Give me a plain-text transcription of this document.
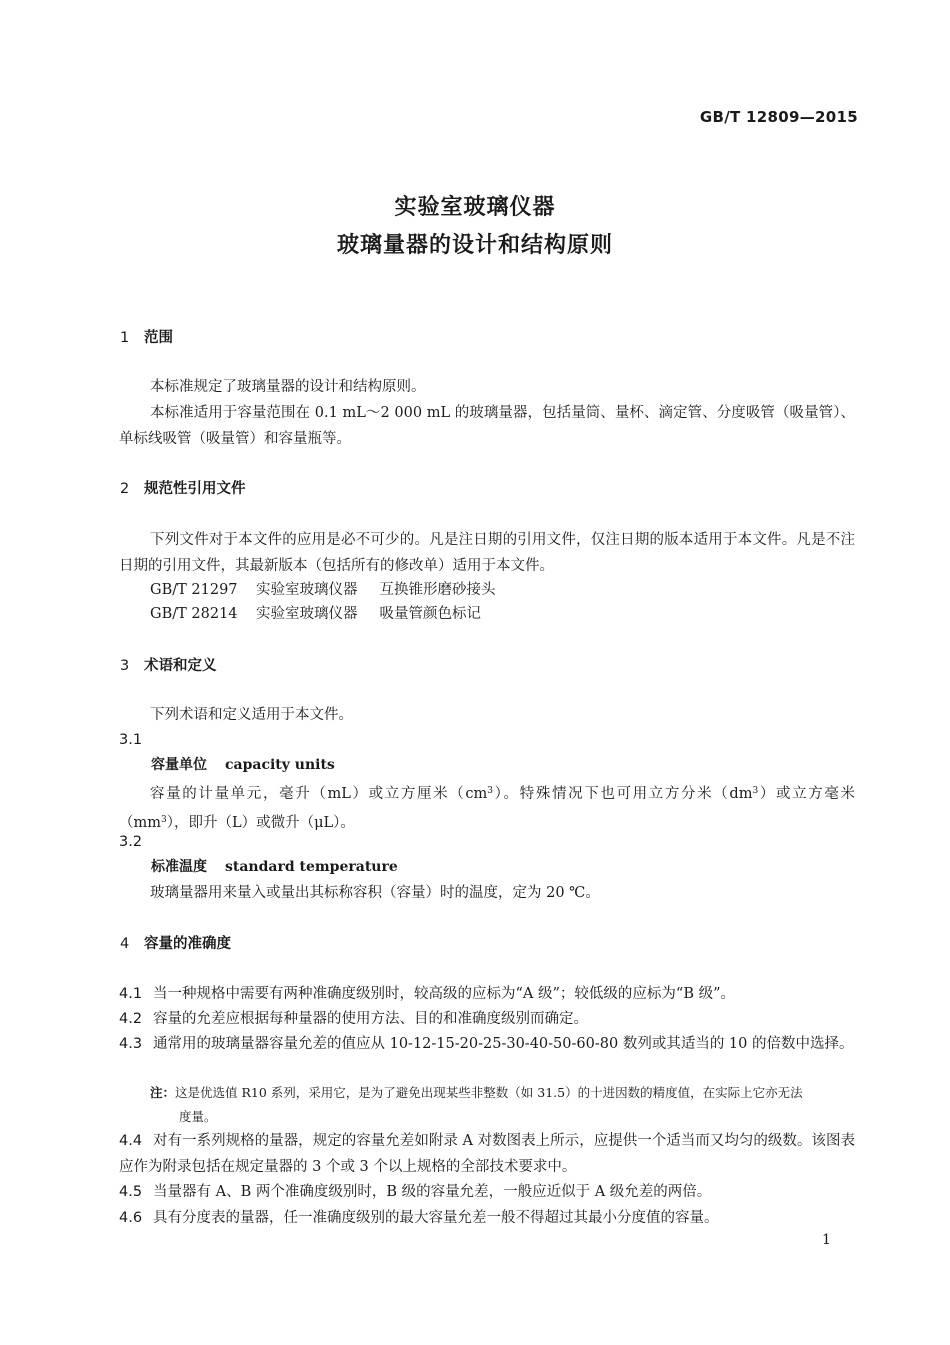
GB/T 12809—2015
实验室玻璃仪器
玻璃量器的设计和结构原则
1 范围
本标准规定了玻璃量器的设计和结构原则。
本标准适用于容量范围在 0.1 mL～2 000 mL 的玻璃量器，包括量筒、量杯、滴定管、分度吸管（吸量管）、单标线吸管（吸量管）和容量瓶等。
2 规范性引用文件
下列文件对于本文件的应用是必不可少的。凡是注日期的引用文件，仅注日期的版本适用于本文件。凡是不注日期的引用文件，其最新版本（包括所有的修改单）适用于本文件。
GB/T 21297 实验室玻璃仪器 互换锥形磨砂接头
GB/T 28214 实验室玻璃仪器 吸量管颜色标记
3 术语和定义
下列术语和定义适用于本文件。
3.1
容量单位 capacity units
容量的计量单元，毫升（mL）或立方厘米$(cm^3)$。特殊情况下也可用立方分米$(dm^3)$或立方毫米$(mm^3)$，即升（L）或微升（μL）。
3.2
标准温度 standard temperature
玻璃量器用来量入或量出其标称容积（容量）时的温度，定为 20 ℃。
4 容量的准确度
4.1 当一种规格中需要有两种准确度级别时，较高级的应标为“A 级”；较低级的应标为“B 级”。
4.2 容量的允差应根据每种量器的使用方法、目的和准确度级别而确定。
4.3 通常用的玻璃量器容量允差的值应从 10-12-15-20-25-30-40-50-60-80 数列或其适当的 10 的倍数中选择。
注：这是优选值 R10 系列，采用它，是为了避免出现某些非整数（如 31.5）的十进因数的精度值，在实际上它亦无法
度量。
4.4 对有一系列规格的量器，规定的容量允差如附录 A 对数图表上所示，应提供一个适当而又均匀的级数。该图表应作为附录包括在规定量器的 3 个或 3 个以上规格的全部技术要求中。
4.5 当量器有 A、B 两个准确度级别时，B 级的容量允差，一般应近似于 A 级允差的两倍。
4.6 具有分度表的量器，任一准确度级别的最大容量允差一般不得超过其最小分度值的容量。
1
